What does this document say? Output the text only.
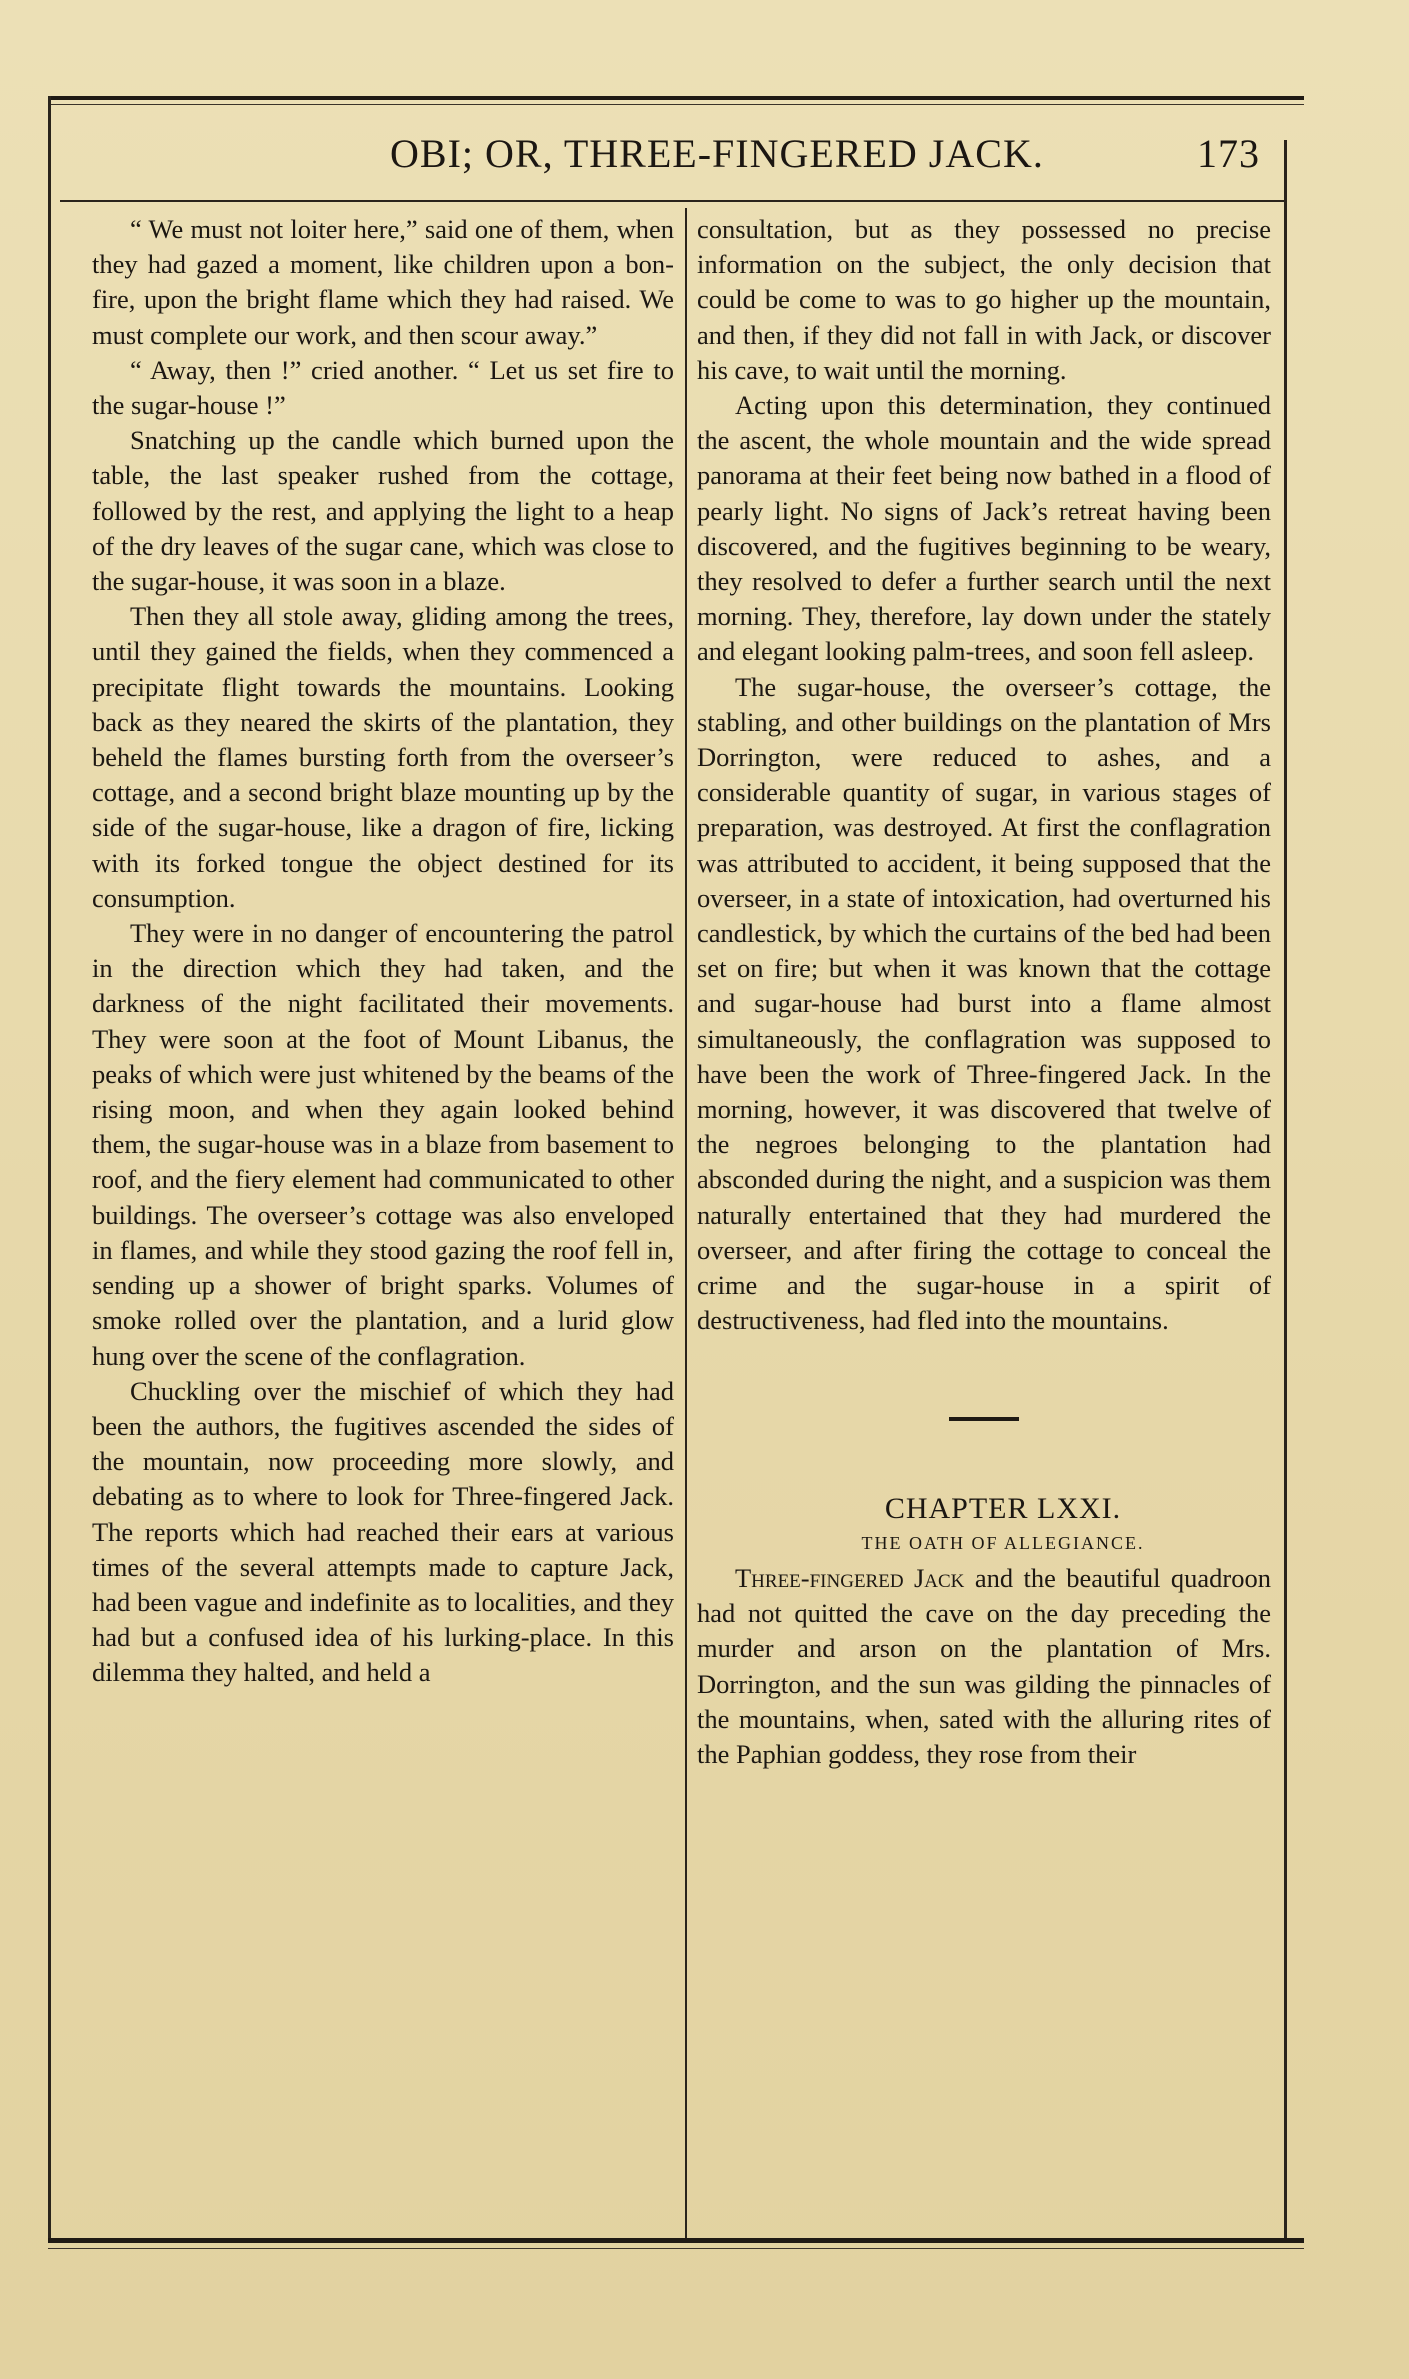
OBI; OR, THREE-FINGERED JACK.	173

“ We must not loiter here,” said one of them, when they had gazed a moment, like children upon a bon-fire, upon the bright flame which they had raised. We must complete our work, and then scour away.”

“ Away, then !” cried another. “ Let us set fire to the sugar-house !”

Snatching up the candle which burned upon the table, the last speaker rushed from the cottage, followed by the rest, and applying the light to a heap of the dry leaves of the sugar cane, which was close to the sugar-house, it was soon in a blaze.

Then they all stole away, gliding among the trees, until they gained the fields, when they commenced a precipitate flight towards the mountains. Looking back as they neared the skirts of the plantation, they beheld the flames bursting forth from the overseer’s cottage, and a second bright blaze mounting up by the side of the sugar-house, like a dragon of fire, licking with its forked tongue the object destined for its consumption.

They were in no danger of encountering the patrol in the direction which they had taken, and the darkness of the night facilitated their movements. They were soon at the foot of Mount Libanus, the peaks of which were just whitened by the beams of the rising moon, and when they again looked behind them, the sugar-house was in a blaze from basement to roof, and the fiery element had communicated to other buildings. The overseer’s cottage was also enveloped in flames, and while they stood gazing the roof fell in, sending up a shower of bright sparks. Volumes of smoke rolled over the plantation, and a lurid glow hung over the scene of the conflagration.

Chuckling over the mischief of which they had been the authors, the fugitives ascended the sides of the mountain, now proceeding more slowly, and debating as to where to look for Three-fingered Jack. The reports which had reached their ears at various times of the several attempts made to capture Jack, had been vague and indefinite as to localities, and they had but a confused idea of his lurking-place. In this dilemma they halted, and held a

consultation, but as they possessed no precise information on the subject, the only decision that could be come to was to go higher up the mountain, and then, if they did not fall in with Jack, or discover his cave, to wait until the morning.

Acting upon this determination, they continued the ascent, the whole mountain and the wide spread panorama at their feet being now bathed in a flood of pearly light. No signs of Jack’s retreat having been discovered, and the fugitives beginning to be weary, they resolved to defer a further search until the next morning. They, therefore, lay down under the stately and elegant looking palm-trees, and soon fell asleep.

The sugar-house, the overseer’s cottage, the stabling, and other buildings on the plantation of Mrs Dorrington, were reduced to ashes, and a considerable quantity of sugar, in various stages of preparation, was destroyed. At first the conflagration was attributed to accident, it being supposed that the overseer, in a state of intoxication, had overturned his candlestick, by which the curtains of the bed had been set on fire; but when it was known that the cottage and sugar-house had burst into a flame almost simultaneously, the conflagration was supposed to have been the work of Three-fingered Jack. In the morning, however, it was discovered that twelve of the negroes belonging to the plantation had absconded during the night, and a suspicion was them naturally entertained that they had murdered the overseer, and after firing the cottage to conceal the crime and the sugar-house in a spirit of destructiveness, had fled into the mountains.

CHAPTER LXXI.

THE OATH OF ALLEGIANCE.

Three-fingered Jack and the beautiful quadroon had not quitted the cave on the day preceding the murder and arson on the plantation of Mrs. Dorrington, and the sun was gilding the pinnacles of the mountains, when, sated with the alluring rites of the Paphian goddess, they rose from their
